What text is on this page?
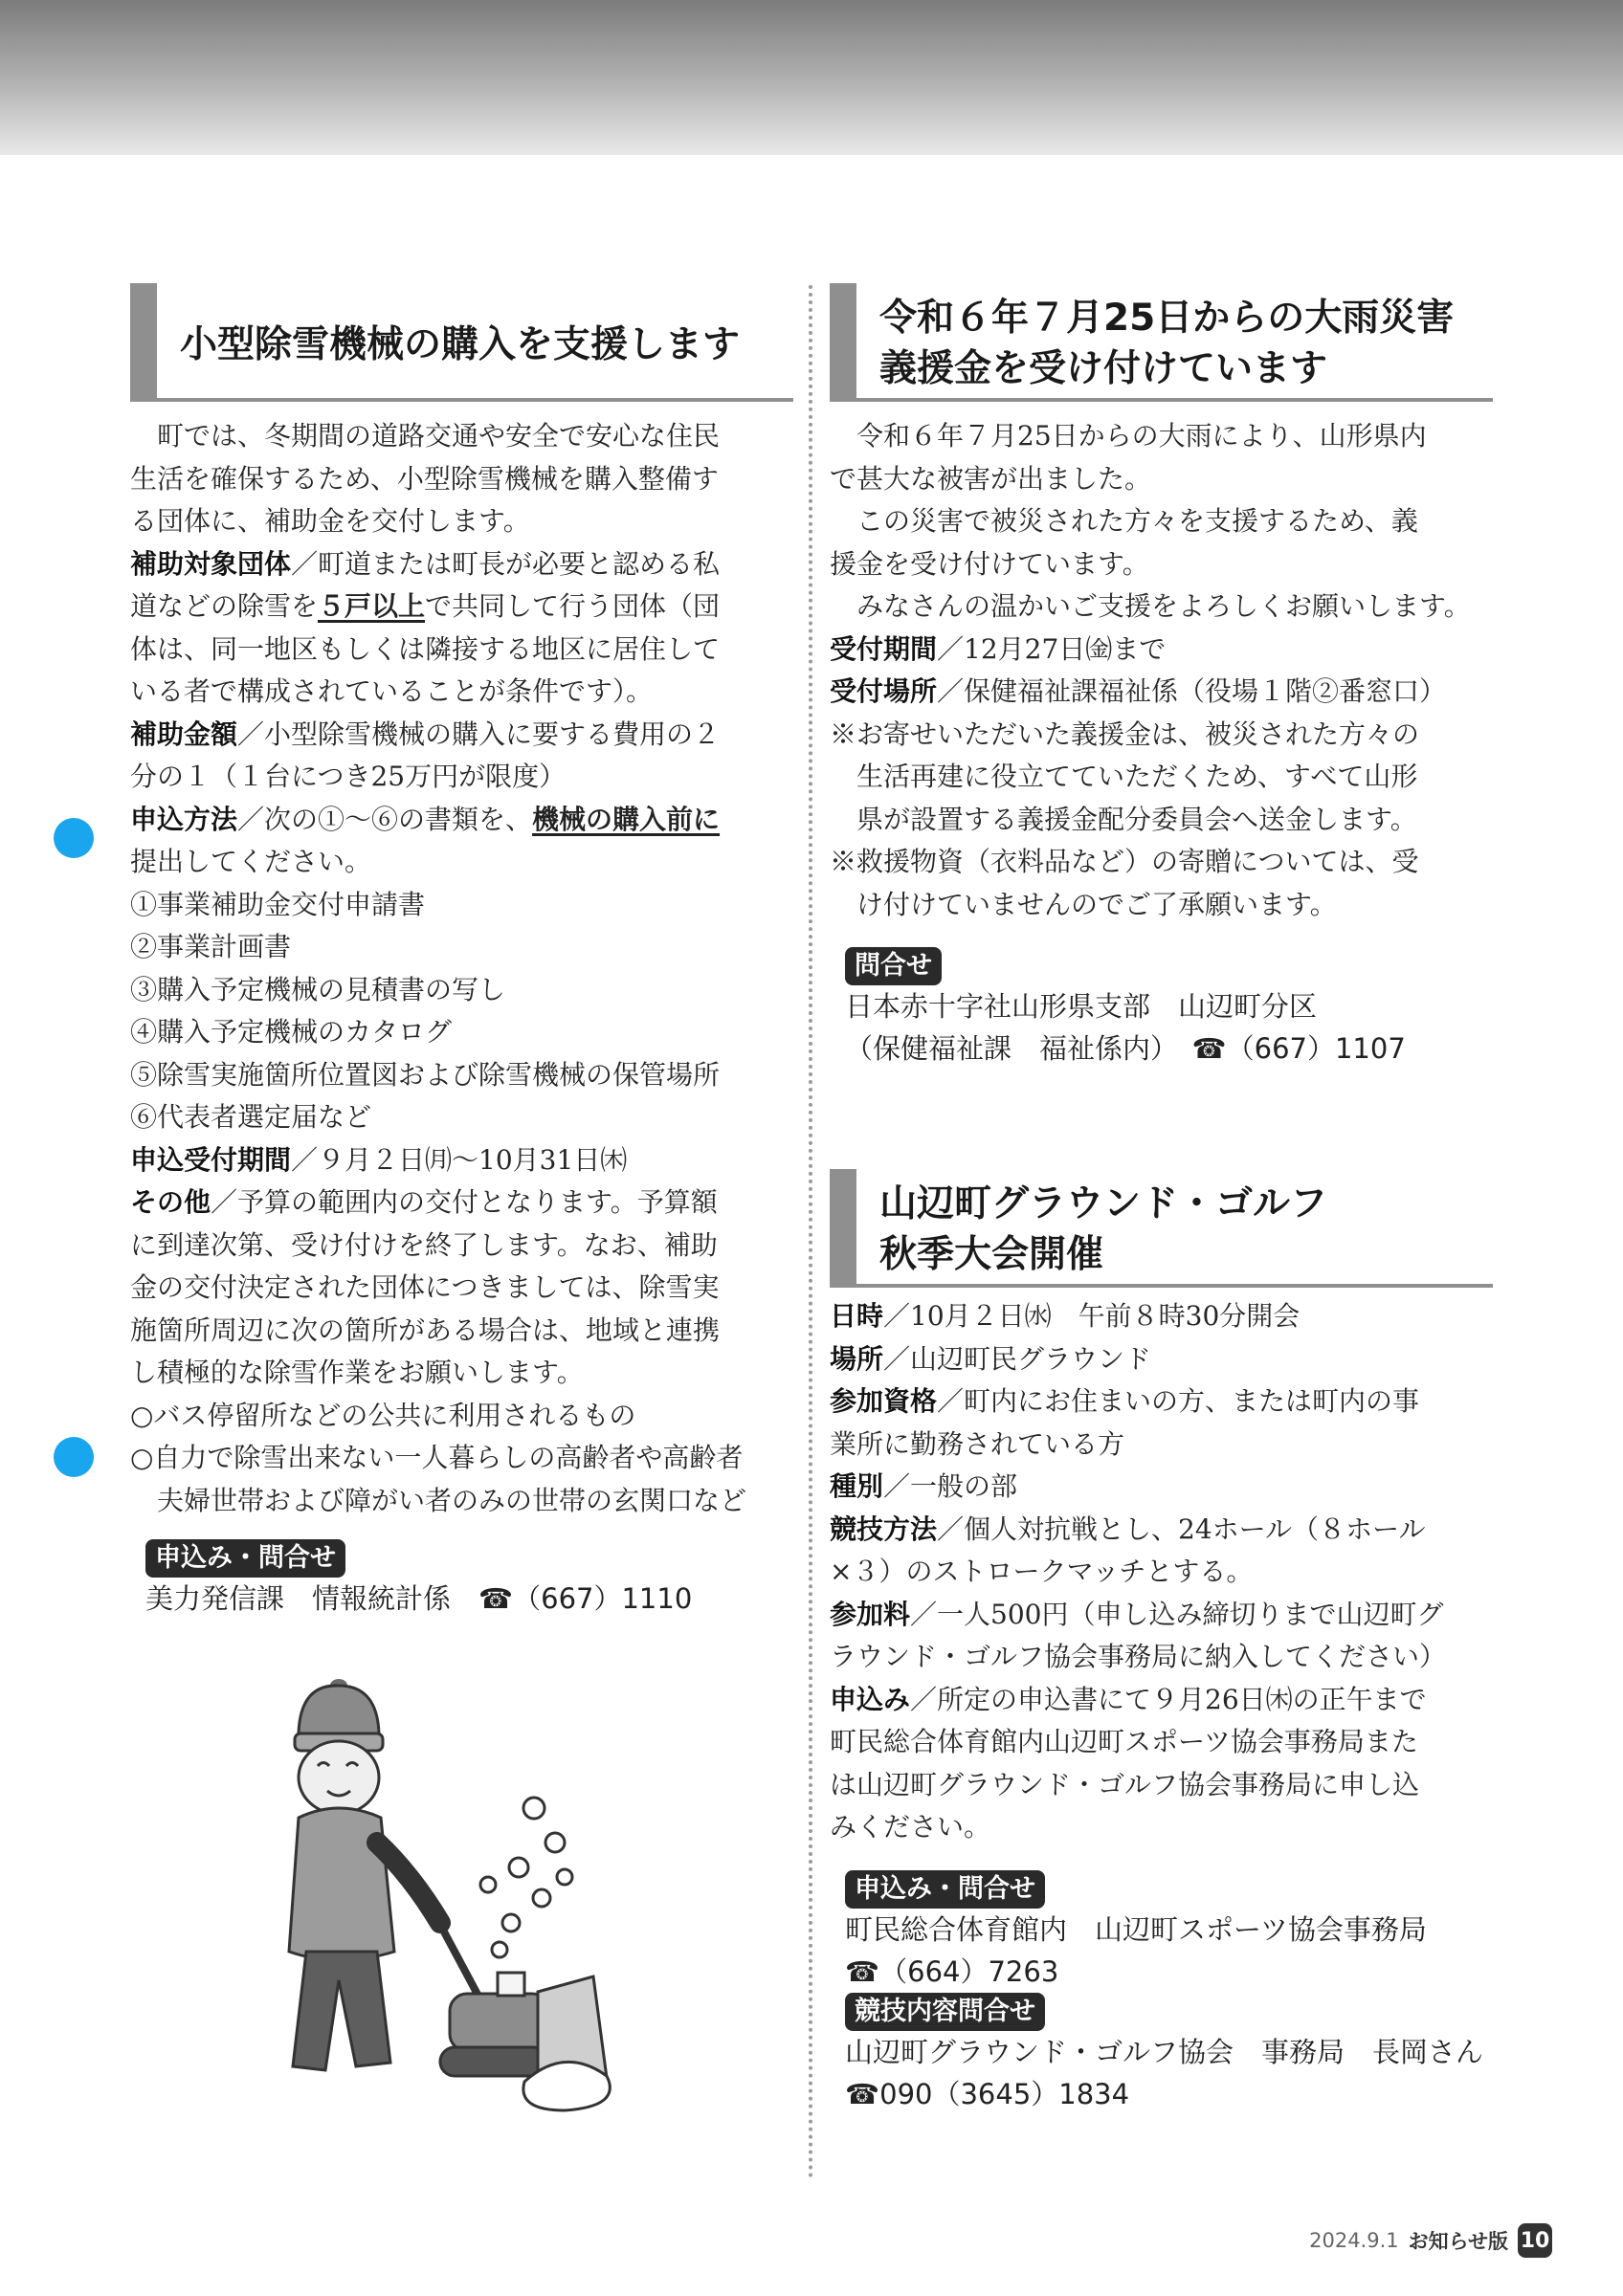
小型除雪機械の購入を支援します

町では、冬期間の道路交通や安全で安心な住民

生活を確保するため、小型除雪機械を購入整備す

る団体に、補助金を交付します。

補助対象団体／町道または町長が必要と認める私

道などの除雪を５戸以上で共同して行う団体（団

体は、同一地区もしくは隣接する地区に居住して

いる者で構成されていることが条件です）。

補助金額／小型除雪機械の購入に要する費用の２

分の１（１台につき25万円が限度）

申込方法／次の①～⑥の書類を、機械の購入前に

提出してください。

①事業補助金交付申請書

②事業計画書

③購入予定機械の見積書の写し

④購入予定機械のカタログ

⑤除雪実施箇所位置図および除雪機械の保管場所

⑥代表者選定届など

申込受付期間／９月２日㈪～10月31日㈭

その他／予算の範囲内の交付となります。予算額

に到達次第、受け付けを終了します。なお、補助

金の交付決定された団体につきましては、除雪実

施箇所周辺に次の箇所がある場合は、地域と連携

し積極的な除雪作業をお願いします。

○バス停留所などの公共に利用されるもの

○自力で除雪出来ない一人暮らしの高齢者や高齢者

夫婦世帯および障がい者のみの世帯の玄関口など

申込み・問合せ

美力発信課　情報統計係　☎（667）1110

令和６年７月25日からの大雨災害
義援金を受け付けています

令和６年７月25日からの大雨により、山形県内

で甚大な被害が出ました。

この災害で被災された方々を支援するため、義

援金を受け付けています。

みなさんの温かいご支援をよろしくお願いします。

受付期間／12月27日㈮まで

受付場所／保健福祉課福祉係（役場１階②番窓口）

※お寄せいただいた義援金は、被災された方々の

生活再建に役立てていただくため、すべて山形

県が設置する義援金配分委員会へ送金します。

※救援物資（衣料品など）の寄贈については、受

け付けていませんのでご了承願います。

問合せ

日本赤十字社山形県支部　山辺町分区

（保健福祉課　福祉係内）　☎（667）1107

山辺町グラウンド・ゴルフ
秋季大会開催

日時／10月２日㈬　午前８時30分開会

場所／山辺町民グラウンド

参加資格／町内にお住まいの方、または町内の事

業所に勤務されている方

種別／一般の部

競技方法／個人対抗戦とし、24ホール（８ホール

×３）のストロークマッチとする。

参加料／一人500円（申し込み締切りまで山辺町グ

ラウンド・ゴルフ協会事務局に納入してください）

申込み／所定の申込書にて９月26日㈭の正午まで

町民総合体育館内山辺町スポーツ協会事務局また

は山辺町グラウンド・ゴルフ協会事務局に申し込

みください。

申込み・問合せ

町民総合体育館内　山辺町スポーツ協会事務局

☎（664）7263

競技内容問合せ

山辺町グラウンド・ゴルフ協会　事務局　長岡さん

☎090（3645）1834

2024.9.1 お知らせ版 10
